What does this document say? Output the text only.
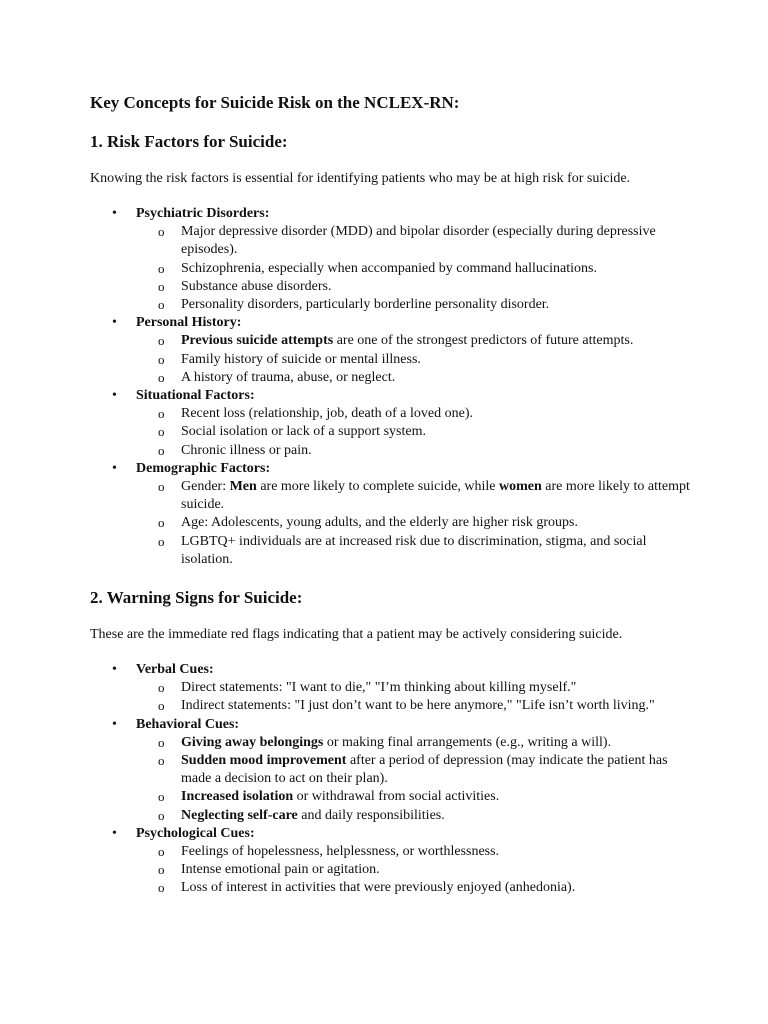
Key Concepts for Suicide Risk on the NCLEX-RN:
1. Risk Factors for Suicide:

Knowing the risk factors is essential for identifying patients who may be at high risk for suicide.

• Psychiatric Disorders:
o Major depressive disorder (MDD) and bipolar disorder (especially during depressive episodes).
o Schizophrenia, especially when accompanied by command hallucinations.
o Substance abuse disorders.
o Personality disorders, particularly borderline personality disorder.
• Personal History:
o Previous suicide attempts are one of the strongest predictors of future attempts.
o Family history of suicide or mental illness.
o A history of trauma, abuse, or neglect.
• Situational Factors:
o Recent loss (relationship, job, death of a loved one).
o Social isolation or lack of a support system.
o Chronic illness or pain.
• Demographic Factors:
o Gender: Men are more likely to complete suicide, while women are more likely to attempt suicide.
o Age: Adolescents, young adults, and the elderly are higher risk groups.
o LGBTQ+ individuals are at increased risk due to discrimination, stigma, and social isolation.
2. Warning Signs for Suicide:

These are the immediate red flags indicating that a patient may be actively considering suicide.

• Verbal Cues:
o Direct statements: "I want to die," "I’m thinking about killing myself."
o Indirect statements: "I just don’t want to be here anymore," "Life isn’t worth living."
• Behavioral Cues:
o Giving away belongings or making final arrangements (e.g., writing a will).
o Sudden mood improvement after a period of depression (may indicate the patient has made a decision to act on their plan).
o Increased isolation or withdrawal from social activities.
o Neglecting self-care and daily responsibilities.
• Psychological Cues:
o Feelings of hopelessness, helplessness, or worthlessness.
o Intense emotional pain or agitation.
o Loss of interest in activities that were previously enjoyed (anhedonia).
